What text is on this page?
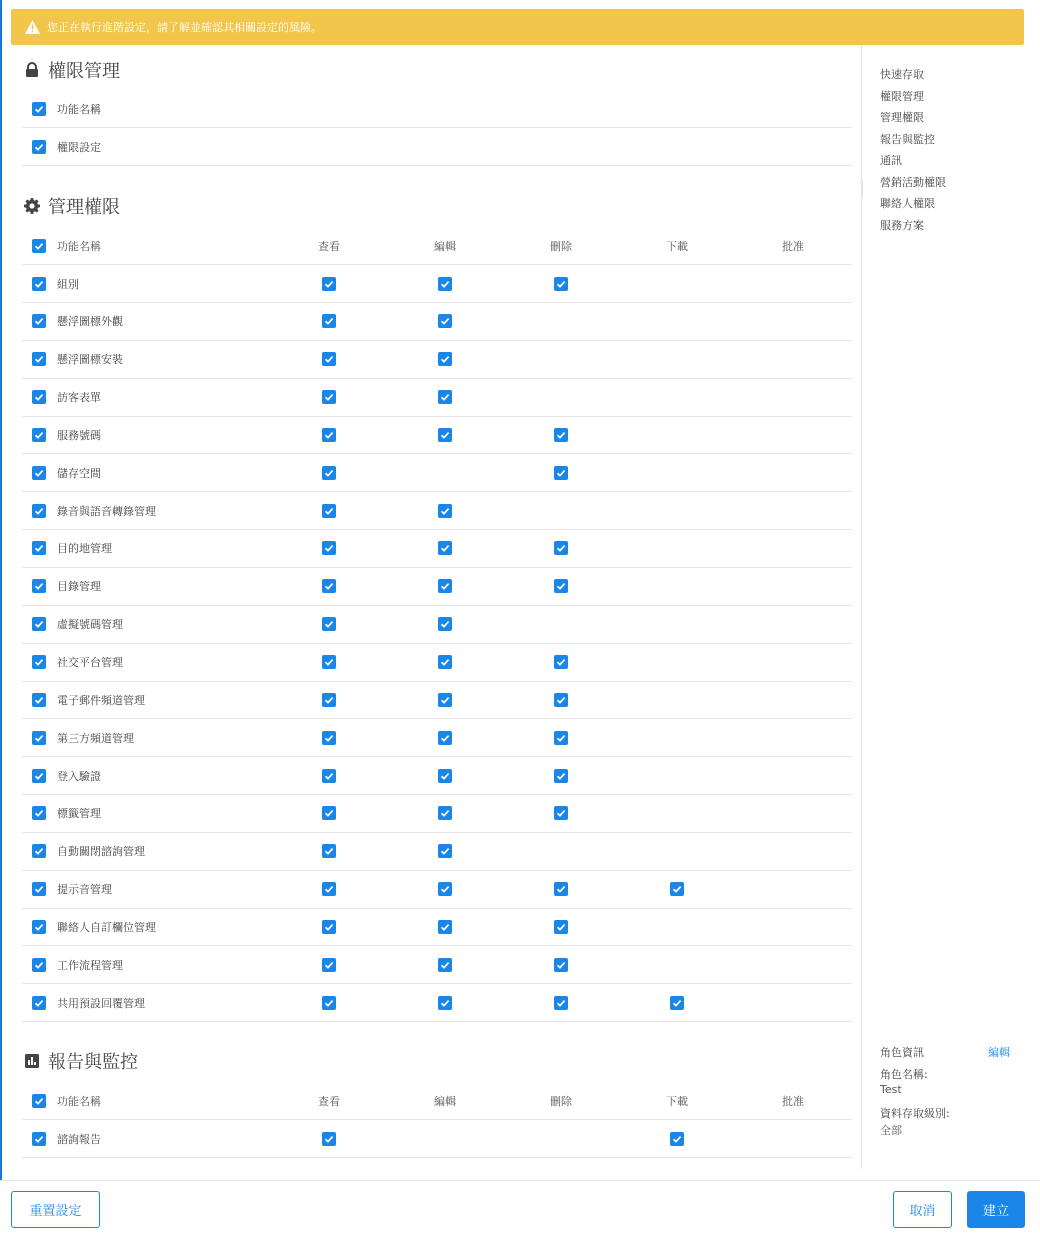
您正在執行進階設定，請了解並確認其相關設定的風險。
權限管理
功能名稱
權限設定
管理權限
功能名稱	查看	編輯	刪除	下載	批准
組別
懸浮圖標外觀
懸浮圖標安裝
訪客表單
服務號碼
儲存空間
錄音與語音轉錄管理
目的地管理
目錄管理
虛擬號碼管理
社交平台管理
電子郵件頻道管理
第三方頻道管理
登入驗證
標籤管理
自動關閉諮詢管理
提示音管理
聯絡人自訂欄位管理
工作流程管理
共用預設回覆管理
報告與監控
功能名稱	查看	編輯	刪除	下載	批准
諮詢報告
快速存取
權限管理
管理權限
報告與監控
通訊
營銷活動權限
聯絡人權限
服務方案
角色資訊	編輯
角色名稱:
Test
資料存取級別:
全部
重置設定	取消	建立
